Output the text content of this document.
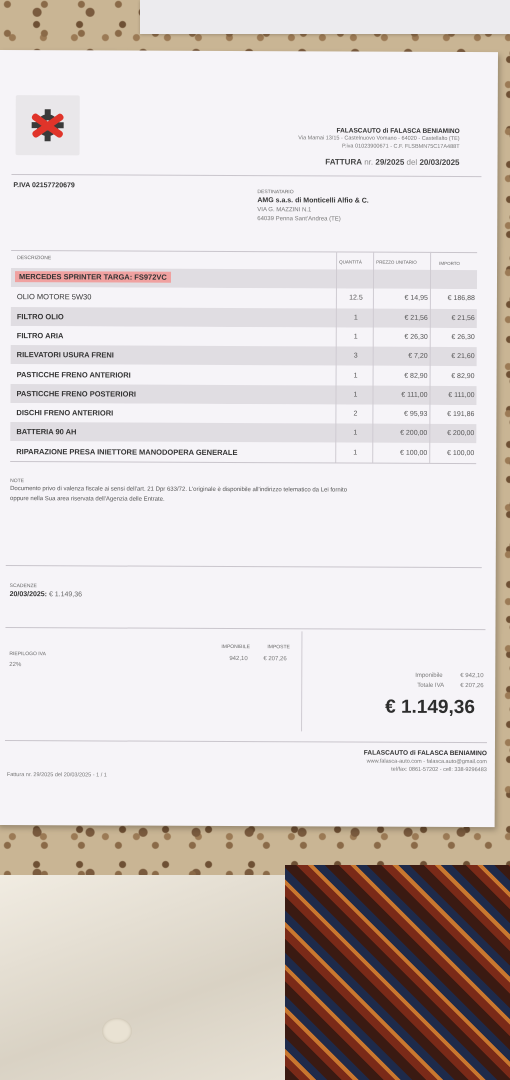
FALASCAUTO di FALASCA BENIAMINO
Via Mamai 13/15 - Castelnuovo Vomano - 64020 - Castellalto (TE)
P.iva 01023900671 - C.F. FLSBMN75C17A488T
FATTURA nr. 29/2025 del 20/03/2025
P.IVA 02157720679
DESTINATARIO
AMG s.a.s. di Monticelli Alfio & C.
VIA G. MAZZINI N.1
64039 Penna Sant'Andrea (TE)
DESCRIZIONE
QUANTITÀ	PREZZO UNITARIO	IMPORTO
MERCEDES SPRINTER TARGA: FS972VC
OLIO MOTORE 5W30	12.5	€ 14,95	€ 186,88
FILTRO OLIO	1	€ 21,56	€ 21,56
FILTRO ARIA	1	€ 26,30	€ 26,30
RILEVATORI USURA FRENI	3	€ 7,20	€ 21,60
PASTICCHE FRENO ANTERIORI	1	€ 82,90	€ 82,90
PASTICCHE FRENO POSTERIORI	1	€ 111,00	€ 111,00
DISCHI FRENO ANTERIORI	2	€ 95,93	€ 191,86
BATTERIA 90 AH	1	€ 200,00	€ 200,00
RIPARAZIONE PRESA INIETTORE MANODOPERA GENERALE	1	€ 100,00	€ 100,00
NOTE
Documento privo di valenza fiscale ai sensi dell'art. 21 Dpr 633/72. L'originale è disponibile all'indirizzo telematico da Lei fornito
oppure nella Sua area riservata dell'Agenzia delle Entrate.
SCADENZE
20/03/2025: € 1.149,36
RIEPILOGO IVA
22%
IMPONIBILE	IMPOSTE
942,10	€ 207,26
Imponibile	€ 942,10
Totale IVA	€ 207,26
€ 1.149,36
FALASCAUTO di FALASCA BENIAMINO
www.falasca-auto.com - falasca.auto@gmail.com
tel/fax: 0861-57202 - cell: 338-9296483
Fattura nr. 29/2025 del 20/03/2025 - 1 / 1
